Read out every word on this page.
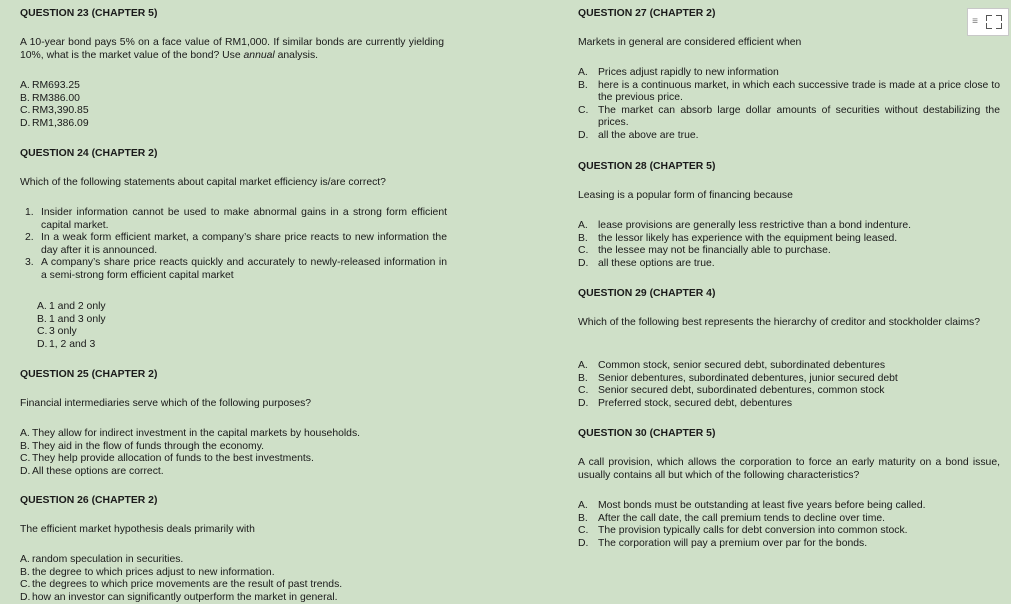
QUESTION 23 (CHAPTER 5)
A 10-year bond pays 5% on a face value of RM1,000. If similar bonds are currently yielding 10%, what is the market value of the bond? Use annual analysis.
A. RM693.25
B. RM386.00
C. RM3,390.85
D. RM1,386.09
QUESTION 24 (CHAPTER 2)
Which of the following statements about capital market efficiency is/are correct?
1. Insider information cannot be used to make abnormal gains in a strong form efficient capital market.
2. In a weak form efficient market, a company’s share price reacts to new information the day after it is announced.
3. A company’s share price reacts quickly and accurately to newly-released information in a semi-strong form efficient capital market
A. 1 and 2 only
B. 1 and 3 only
C. 3 only
D. 1, 2 and 3
QUESTION 25 (CHAPTER 2)
Financial intermediaries serve which of the following purposes?
A. They allow for indirect investment in the capital markets by households.
B. They aid in the flow of funds through the economy.
C. They help provide allocation of funds to the best investments.
D. All these options are correct.
QUESTION 26 (CHAPTER 2)
The efficient market hypothesis deals primarily with
A. random speculation in securities.
B. the degree to which prices adjust to new information.
C. the degrees to which price movements are the result of past trends.
D. how an investor can significantly outperform the market in general.
QUESTION 27 (CHAPTER 2)
Markets in general are considered efficient when
A. Prices adjust rapidly to new information
B. here is a continuous market, in which each successive trade is made at a price close to the previous price.
C. The market can absorb large dollar amounts of securities without destabilizing the prices.
D. all the above are true.
QUESTION 28 (CHAPTER 5)
Leasing is a popular form of financing because
A. lease provisions are generally less restrictive than a bond indenture.
B. the lessor likely has experience with the equipment being leased.
C. the lessee may not be financially able to purchase.
D. all these options are true.
QUESTION 29 (CHAPTER 4)
Which of the following best represents the hierarchy of creditor and stockholder claims?
A. Common stock, senior secured debt, subordinated debentures
B. Senior debentures, subordinated debentures, junior secured debt
C. Senior secured debt, subordinated debentures, common stock
D. Preferred stock, secured debt, debentures
QUESTION 30 (CHAPTER 5)
A call provision, which allows the corporation to force an early maturity on a bond issue, usually contains all but which of the following characteristics?
A. Most bonds must be outstanding at least five years before being called.
B. After the call date, the call premium tends to decline over time.
C. The provision typically calls for debt conversion into common stock.
D. The corporation will pay a premium over par for the bonds.
≡
